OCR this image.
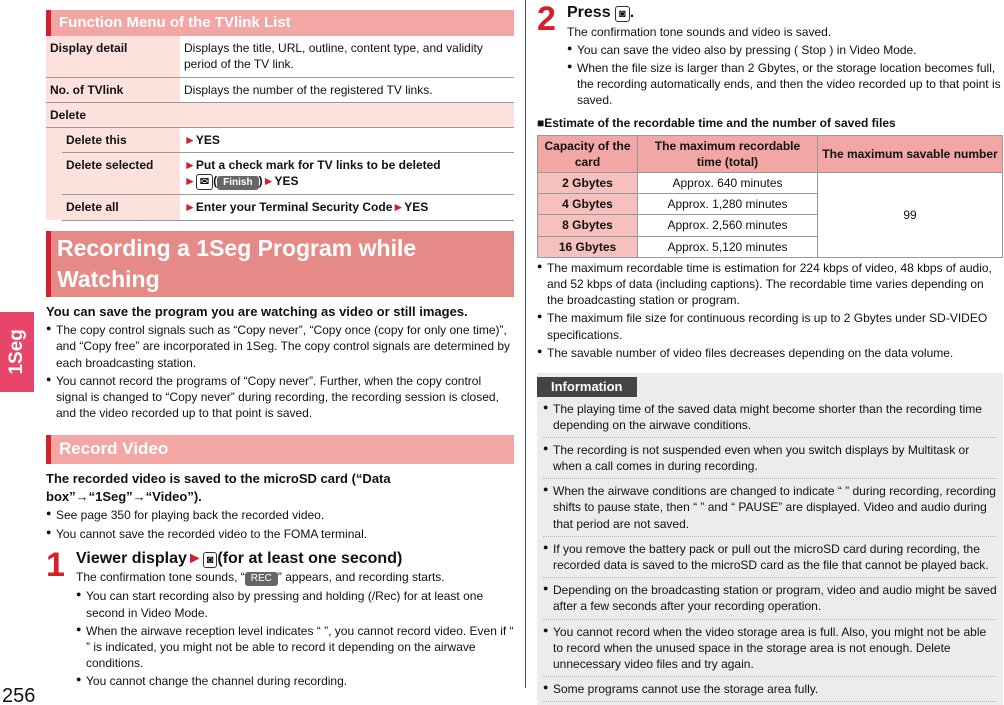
1Seg
256
Function Menu of the TVlink List
Display detail		Displays the title, URL, outline, content type, and validity period of the TV link.
No. of TVlink		Displays the number of the registered TV links.
Delete		
	Delete this	►YES
	Delete selected	►Put a check mark for TV links to be deleted
► ✉ ( Finish )►YES
	Delete all	►Enter your Terminal Security Code►YES
Recording a 1Seg Program while Watching
You can save the program you are watching as video or still images.
● The copy control signals such as “Copy never”, “Copy once (copy for only one time)”, and “Copy free” are incorporated in 1Seg. The copy control signals are determined by each broadcasting station.
● You cannot record the programs of “Copy never”. Further, when the copy control signal is changed to “Copy never” during recording, the recording session is closed, and the video recorded up to that point is saved.
Record Video
The recorded video is saved to the microSD card (“Data box”→“1Seg”→“Video”).
● See page 350 for playing back the recorded video.
● You cannot save the recorded video to the FOMA terminal.
1 Viewer display► ◙ (for at least one second)
The confirmation tone sounds, “ REC ” appears, and recording starts.
● You can start recording also by pressing and holding (/Rec) for at least one second in Video Mode.
● When the airwave reception level indicates “ ”, you cannot record video. Even if “ ” is indicated, you might not be able to record it depending on the airwave conditions.
● You cannot change the channel during recording.
2 Press ◙ .
The confirmation tone sounds and video is saved.
● You can save the video also by pressing ( Stop ) in Video Mode.
● When the file size is larger than 2 Gbytes, or the storage location becomes full, the recording automatically ends, and then the video recorded up to that point is saved.
■Estimate of the recordable time and the number of saved files
Capacity of the card	The maximum recordable time (total)	The maximum savable number
2 Gbytes	Approx. 640 minutes	99
4 Gbytes	Approx. 1,280 minutes	
8 Gbytes	Approx. 2,560 minutes	
16 Gbytes	Approx. 5,120 minutes	
● The maximum recordable time is estimation for 224 kbps of video, 48 kbps of audio, and 52 kbps of data (including captions). The recordable time varies depending on the broadcasting station or program.
● The maximum file size for continuous recording is up to 2 Gbytes under SD-VIDEO specifications.
● The savable number of video files decreases depending on the data volume.
Information
● The playing time of the saved data might become shorter than the recording time depending on the airwave conditions.
● The recording is not suspended even when you switch displays by Multitask or when a call comes in during recording.
● When the airwave conditions are changed to indicate “ ” during recording, recording shifts to pause state, then “ ” and “ PAUSE” are displayed. Video and audio during that period are not saved.
● If you remove the battery pack or pull out the microSD card during recording, the recorded data is saved to the microSD card as the file that cannot be played back.
● Depending on the broadcasting station or program, video and audio might be saved after a few seconds after your recording operation.
● You cannot record when the video storage area is full. Also, you might not be able to record when the unused space in the storage area is not enough. Delete unnecessary video files and try again.
● Some programs cannot use the storage area fully.
